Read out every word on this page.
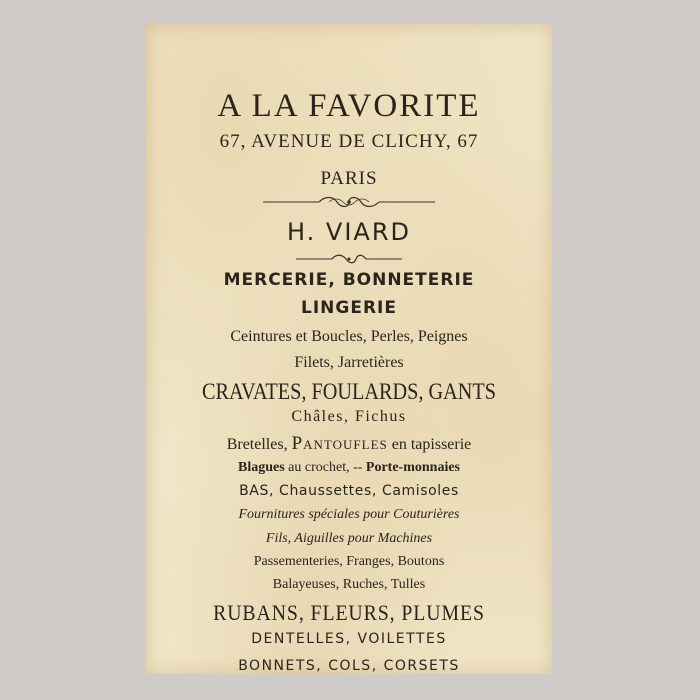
A LA FAVORITE
67, AVENUE DE CLICHY, 67
PARIS
H. VIARD
MERCERIE, BONNETERIE
LINGERIE
Ceintures et Boucles, Perles, Peignes
Filets, Jarretières
CRAVATES, FOULARDS, GANTS
Châles, Fichus
Bretelles, Pantoufles en tapisserie
Blagues au crochet, -- Porte-monnaies
BAS, Chaussettes, Camisoles
Fournitures spéciales pour Couturières
Fils, Aiguilles pour Machines
Passementeries, Franges, Boutons
Balayeuses, Ruches, Tulles
RUBANS, FLEURS, PLUMES
DENTELLES, VOILETTES
BONNETS, COLS, CORSETS
